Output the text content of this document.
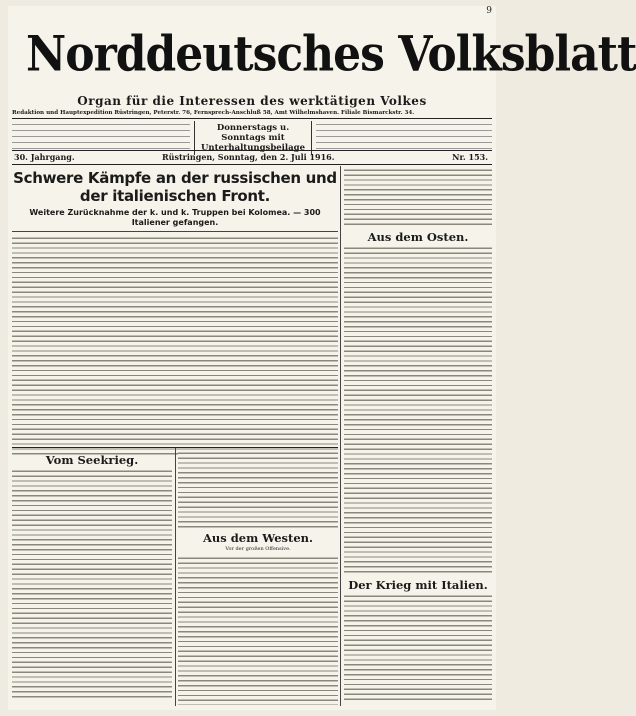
9
Norddeutsches Volksblatt
Organ für die Interessen des werktätigen Volkes
Redaktion und Hauptexpedition Rüstringen, Peterstr. 76, Fernsprech-Anschluß 58, Amt Wilhelmshaven. Filiale Bismarckstr. 34.
Donnerstags u. Sonntags mit Unterhaltungsbeilage
30. Jahrgang.	Rüstringen, Sonntag, den 2. Juli 1916.	Nr. 153.
Schwere Kämpfe an der russischen und der italienischen Front.
Weitere Zurücknahme der k. und k. Truppen bei Kolomea. — 300 Italiener gefangen.
Vom Seekrieg.
Aus dem Westen.
Vor der großen Offensive.
Aus dem Osten.
Der Krieg mit Italien.
